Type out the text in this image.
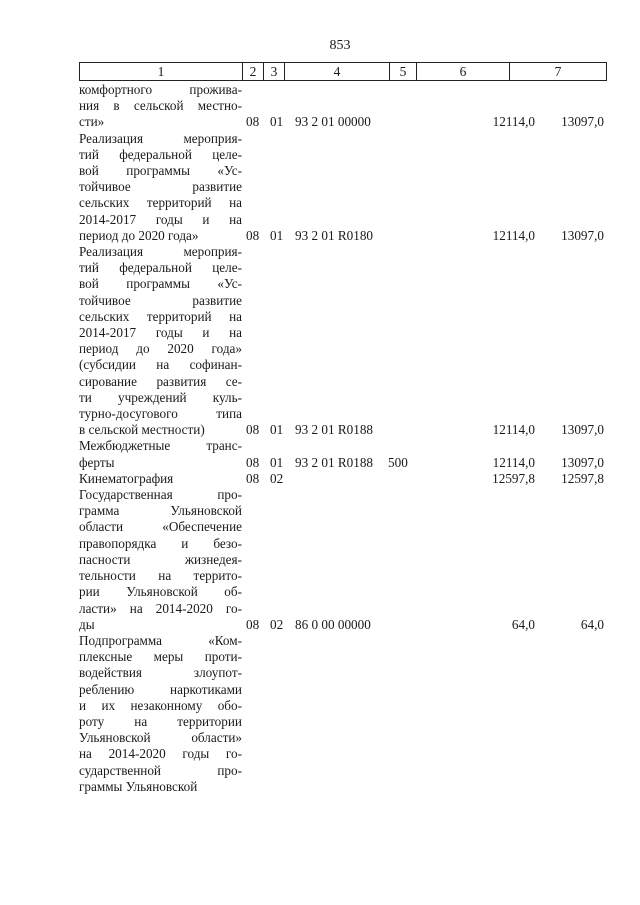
853
1	2	3	4	5	6	7
комфортного проживa-
ния в сельской местно-
сти»	08 01 93 2 01 00000	12114,0	13097,0
Реализация мероприя-
тий федеральной целе-
вой программы «Ус-
тойчивое развитие
сельских территорий на
2014-2017 годы и на
период до 2020 года»	08 01 93 2 01 R0180	12114,0	13097,0
Реализация мероприя-
тий федеральной целе-
вой программы «Ус-
тойчивое развитие
сельских территорий на
2014-2017 годы и на
период до 2020 года»
(субсидии на софинан-
сирование развития се-
ти учреждений куль-
турно-досугового типа
в сельской местности)	08 01 93 2 01 R0188	12114,0	13097,0
Межбюджетные транс-
ферты	08 01 93 2 01 R0188 500	12114,0	13097,0
Кинематография	08 02	12597,8	12597,8
Государственная про-
грамма Ульяновской
области «Обеспечение
правопорядка и безо-
пасности жизнедея-
тельности на террито-
рии Ульяновской об-
ласти» на 2014-2020 го-
ды	08 02 86 0 00 00000	64,0	64,0
Подпрограмма «Ком-
плексные меры проти-
водействия злоупот-
реблению наркотиками
и их незаконному обо-
роту на территории
Ульяновской области»
на 2014-2020 годы го-
сударственной про-
граммы Ульяновской
